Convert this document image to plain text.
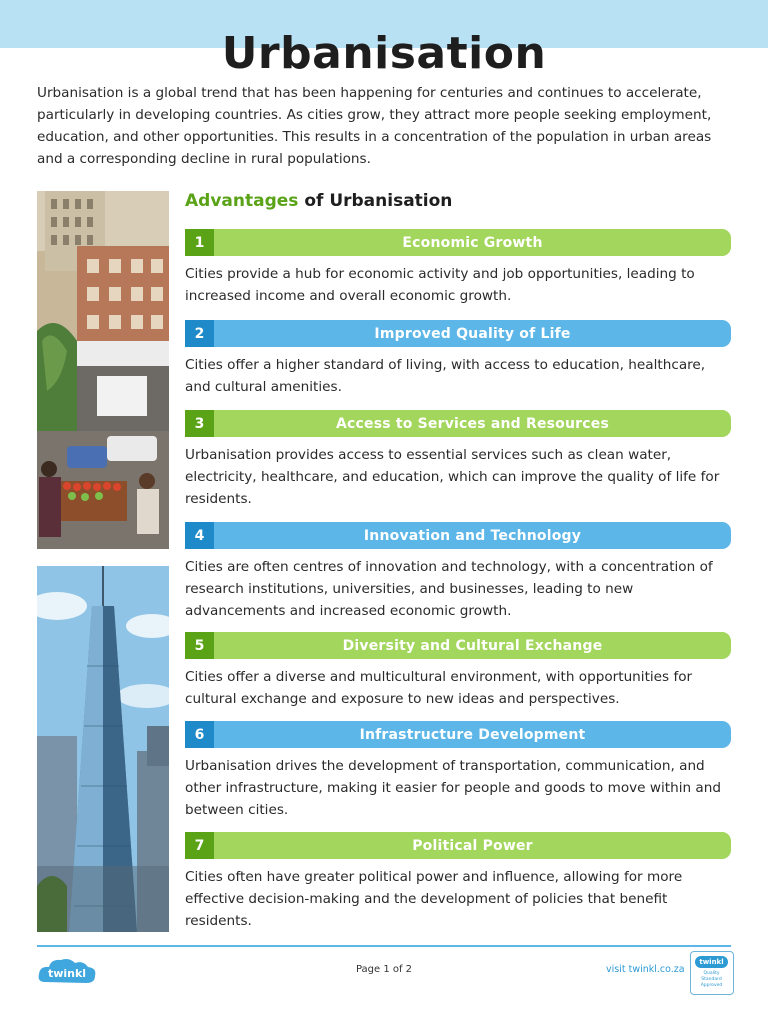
Urbanisation
Urbanisation is a global trend that has been happening for centuries and continues to accelerate, particularly in developing countries. As cities grow, they attract more people seeking employment, education, and other opportunities. This results in a concentration of the population in urban areas and a corresponding decline in rural populations.
Advantages of Urbanisation
1	Economic Growth
Cities provide a hub for economic activity and job opportunities, leading to increased income and overall economic growth.
2	Improved Quality of Life
Cities offer a higher standard of living, with access to education, healthcare, and cultural amenities.
3	Access to Services and Resources
Urbanisation provides access to essential services such as clean water, electricity, healthcare, and education, which can improve the quality of life for residents.
4	Innovation and Technology
Cities are often centres of innovation and technology, with a concentration of research institutions, universities, and businesses, leading to new advancements and increased economic growth.
5	Diversity and Cultural Exchange
Cities offer a diverse and multicultural environment, with opportunities for cultural exchange and exposure to new ideas and perspectives.
6	Infrastructure Development
Urbanisation drives the development of transportation, communication, and other infrastructure, making it easier for people and goods to move within and between cities.
7	Political Power
Cities often have greater political power and influence, allowing for more effective decision-making and the development of policies that benefit residents.
twinkl	Page 1 of 2	visit twinkl.co.za
twinkl
Quality Standard Approved
